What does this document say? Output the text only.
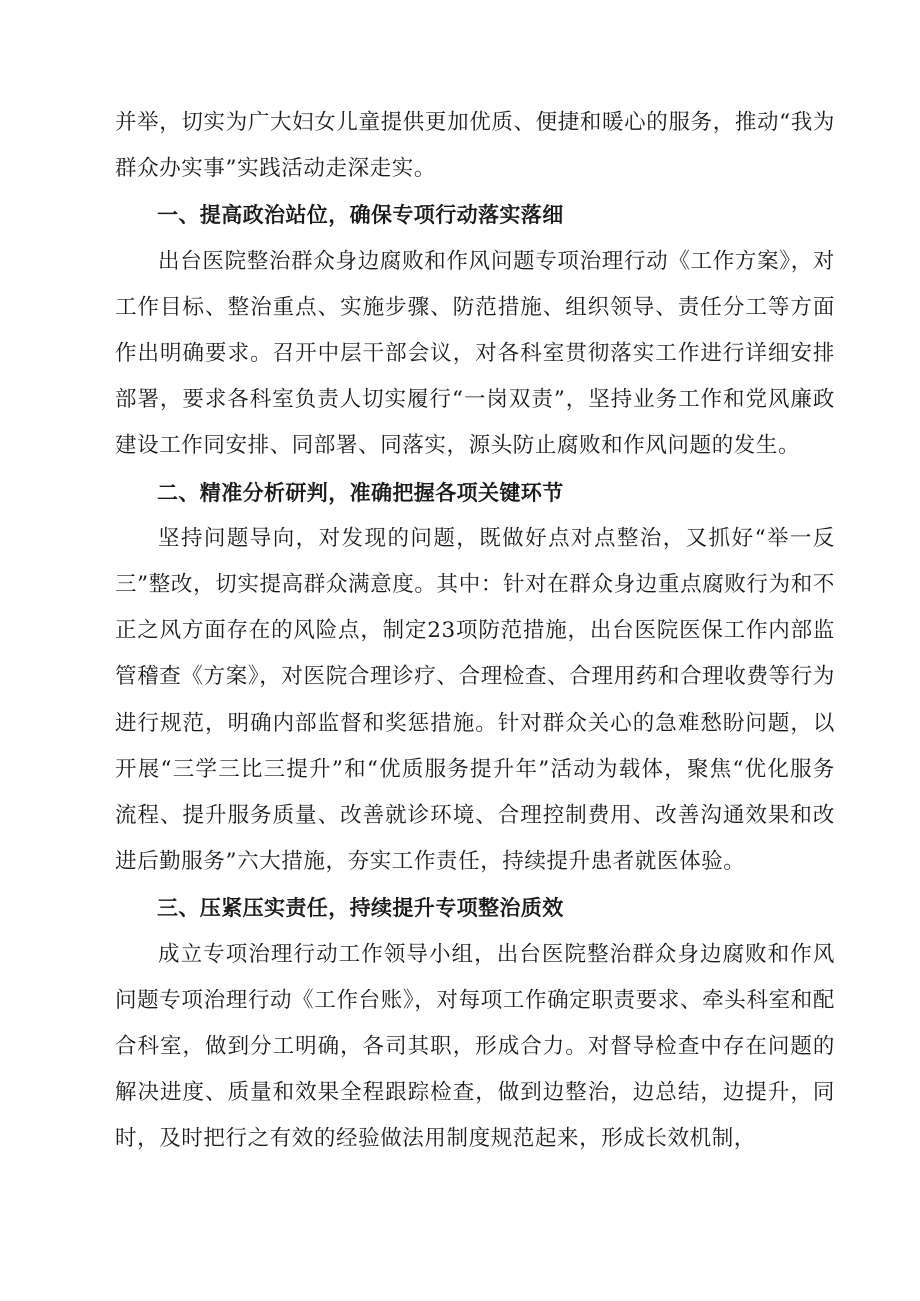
并举，切实为广大妇女儿童提供更加优质、便捷和暖心的服务，推动“我为群众办实事”实践活动走深走实。

一、提高政治站位，确保专项行动落实落细

出台医院整治群众身边腐败和作风问题专项治理行动《工作方案》，对工作目标、整治重点、实施步骤、防范措施、组织领导、责任分工等方面作出明确要求。召开中层干部会议，对各科室贯彻落实工作进行详细安排部署，要求各科室负责人切实履行“一岗双责”，坚持业务工作和党风廉政建设工作同安排、同部署、同落实，源头防止腐败和作风问题的发生。

二、精准分析研判，准确把握各项关键环节

坚持问题导向，对发现的问题，既做好点对点整治，又抓好“举一反三”整改，切实提高群众满意度。其中：针对在群众身边重点腐败行为和不正之风方面存在的风险点，制定23项防范措施，出台医院医保工作内部监管稽查《方案》，对医院合理诊疗、合理检查、合理用药和合理收费等行为进行规范，明确内部监督和奖惩措施。针对群众关心的急难愁盼问题，以开展“三学三比三提升”和“优质服务提升年”活动为载体，聚焦“优化服务流程、提升服务质量、改善就诊环境、合理控制费用、改善沟通效果和改进后勤服务”六大措施，夯实工作责任，持续提升患者就医体验。

三、压紧压实责任，持续提升专项整治质效

成立专项治理行动工作领导小组，出台医院整治群众身边腐败和作风问题专项治理行动《工作台账》，对每项工作确定职责要求、牵头科室和配合科室，做到分工明确，各司其职，形成合力。对督导检查中存在问题的解决进度、质量和效果全程跟踪检查，做到边整治，边总结，边提升，同时，及时把行之有效的经验做法用制度规范起来，形成长效机制，
